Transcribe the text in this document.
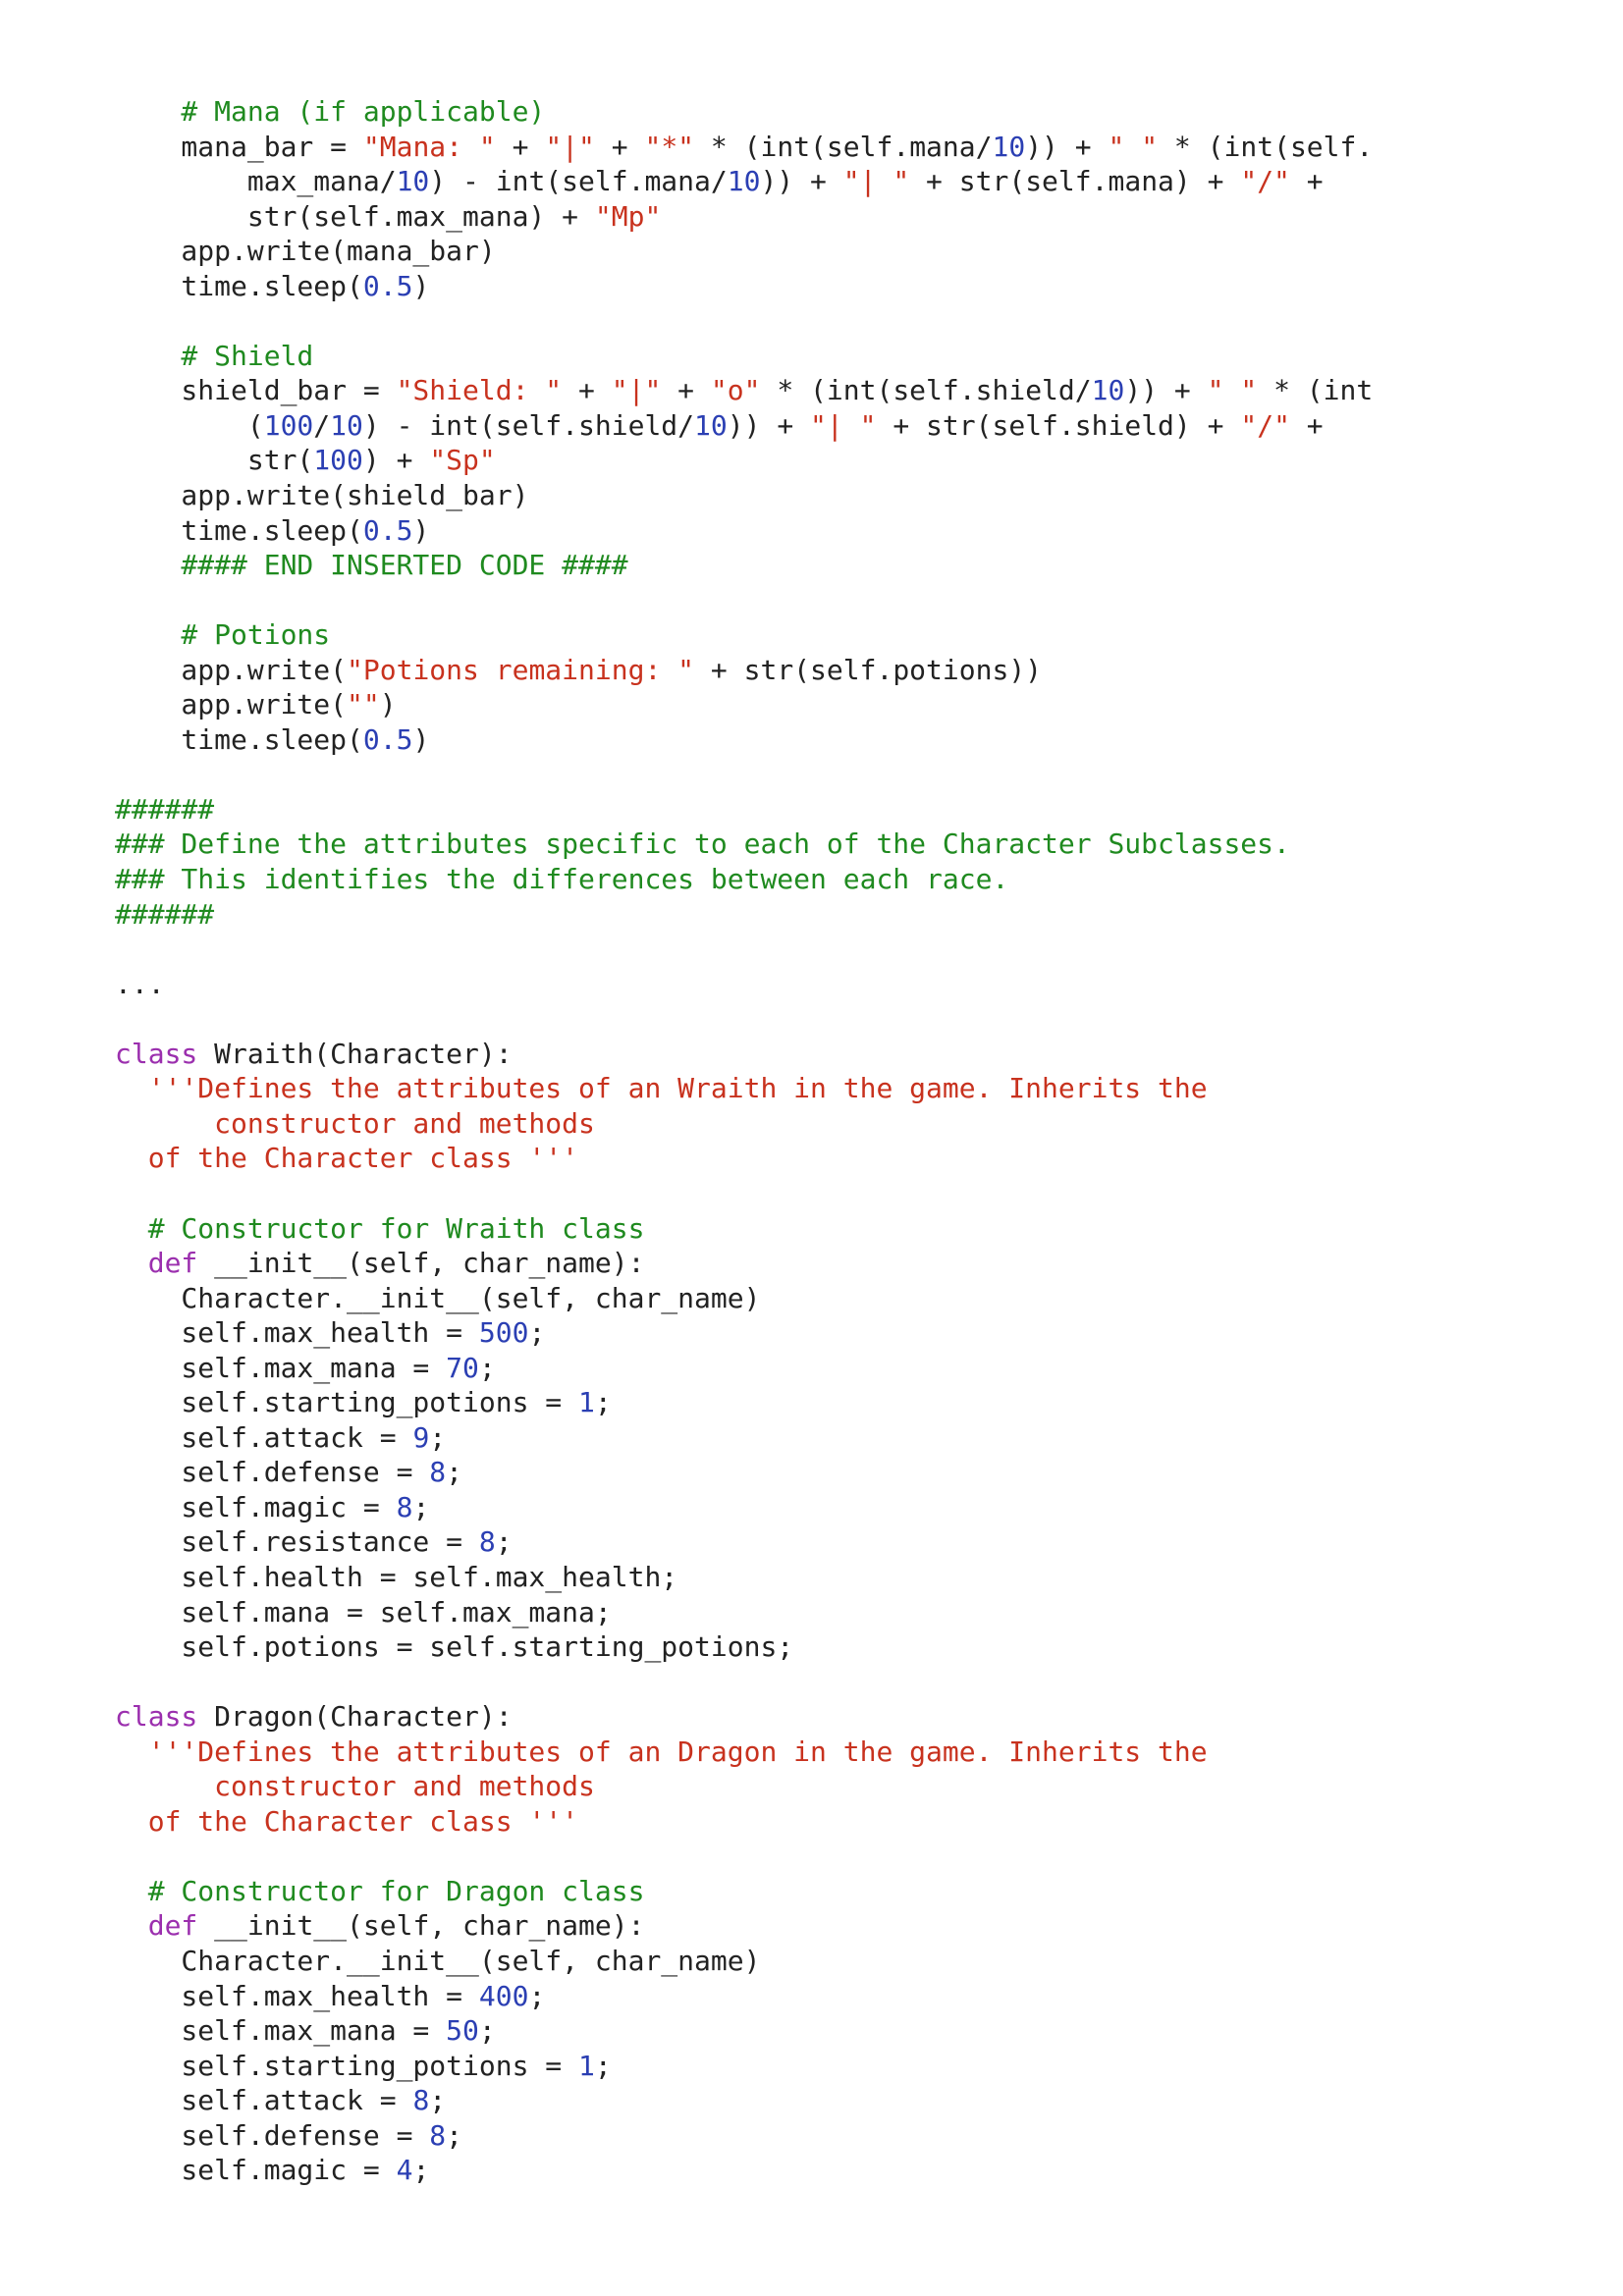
# Mana (if applicable)
mana_bar = "Mana: " + "|" + "*" * (int(self.mana/10)) + " " * (int(self.
max_mana/10) - int(self.mana/10)) + "| " + str(self.mana) + "/" +
str(self.max_mana) + "Mp"
app.write(mana_bar)
time.sleep(0.5)
# Shield
shield_bar = "Shield: " + "|" + "o" * (int(self.shield/10)) + " " * (int
(100/10) - int(self.shield/10)) + "| " + str(self.shield) + "/" +
str(100) + "Sp"
app.write(shield_bar)
time.sleep(0.5)
#### END INSERTED CODE ####
# Potions
app.write("Potions remaining: " + str(self.potions))
app.write("")
time.sleep(0.5)
######
### Define the attributes specific to each of the Character Subclasses.
### This identifies the differences between each race.
######
...
class Wraith(Character):
'''Defines the attributes of an Wraith in the game. Inherits the
constructor and methods
of the Character class '''
# Constructor for Wraith class
def __init__(self, char_name):
Character.__init__(self, char_name)
self.max_health = 500;
self.max_mana = 70;
self.starting_potions = 1;
self.attack = 9;
self.defense = 8;
self.magic = 8;
self.resistance = 8;
self.health = self.max_health;
self.mana = self.max_mana;
self.potions = self.starting_potions;
class Dragon(Character):
'''Defines the attributes of an Dragon in the game. Inherits the
constructor and methods
of the Character class '''
# Constructor for Dragon class
def __init__(self, char_name):
Character.__init__(self, char_name)
self.max_health = 400;
self.max_mana = 50;
self.starting_potions = 1;
self.attack = 8;
self.defense = 8;
self.magic = 4;
